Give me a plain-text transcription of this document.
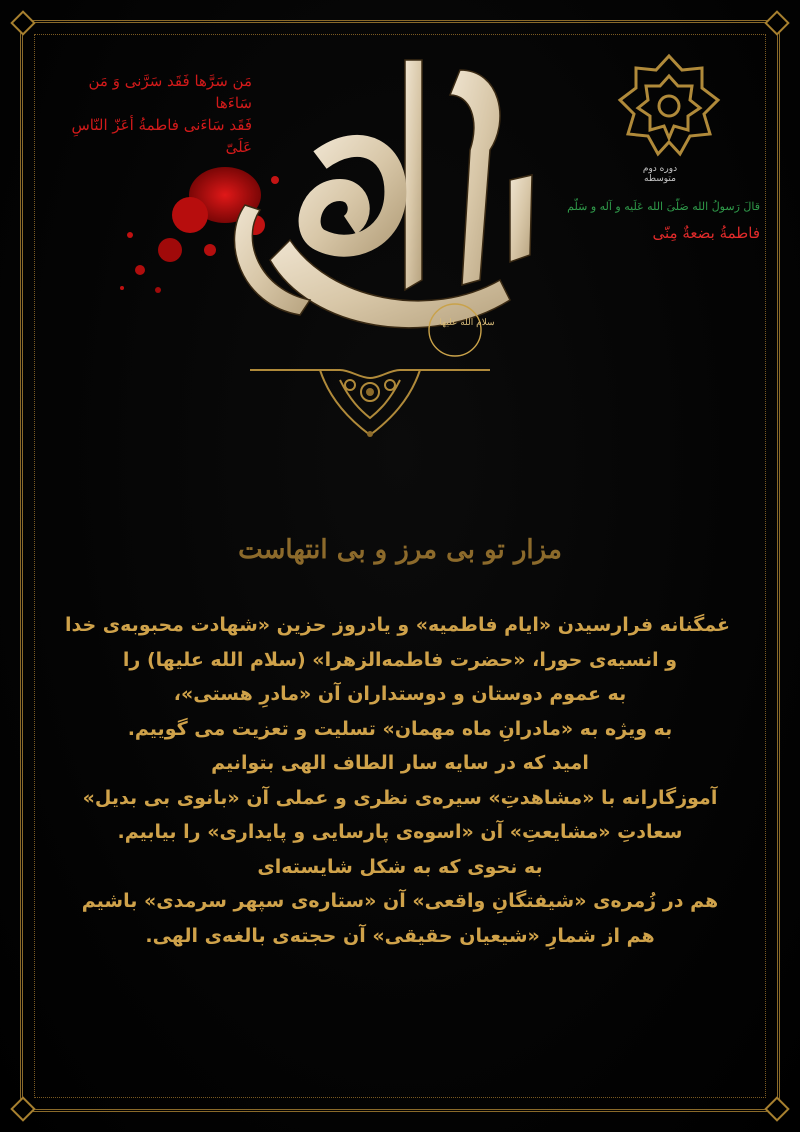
مَن سَرَّها فَقَد سَرَّنی وَ مَن سَاءَها
فَقَد سَاءَنی فاطمةُ أعَزّ النّاسِ عَلَیّ
سلام الله علیها
دوره دوم متوسطه
قالَ رَسولُ الله صَلّیَ الله عَلَیه و آله و سَلّم
فاطمةُ بضعةٌ مِنّی
مزار تو بی مرز و بی انتهاست
غمگنانه فرارسیدن «ایام فاطمیه» و یادروز حزین «شهادت محبوبه‌ی خدا
و انسیه‌ی حورا، «حضرت فاطمه‌الزهرا» (سلام الله علیها) را
به عموم دوستان و دوستداران آن «مادرِ هستی»،
به ویژه به «مادرانِ ماه مهمان» تسلیت و تعزیت می گوییم.
امید که در سایه سار الطاف الهی بتوانیم
آموزگارانه با «مشاهدتِ» سیره‌ی نظری و عملی آن «بانوی بی بدیل»
سعادتِ «مشایعتِ» آن «اسوه‌ی پارسایی و پایداری» را بیابیم.
به نحوی که به شکل شایسته‌ای
هم در زُمره‌ی «شیفتگانِ واقعی» آن «ستاره‌ی سپهر سرمدی» باشیم
هم از شمارِ «شیعیان حقیقی» آن حجته‌ی بالغه‌ی الهی.
